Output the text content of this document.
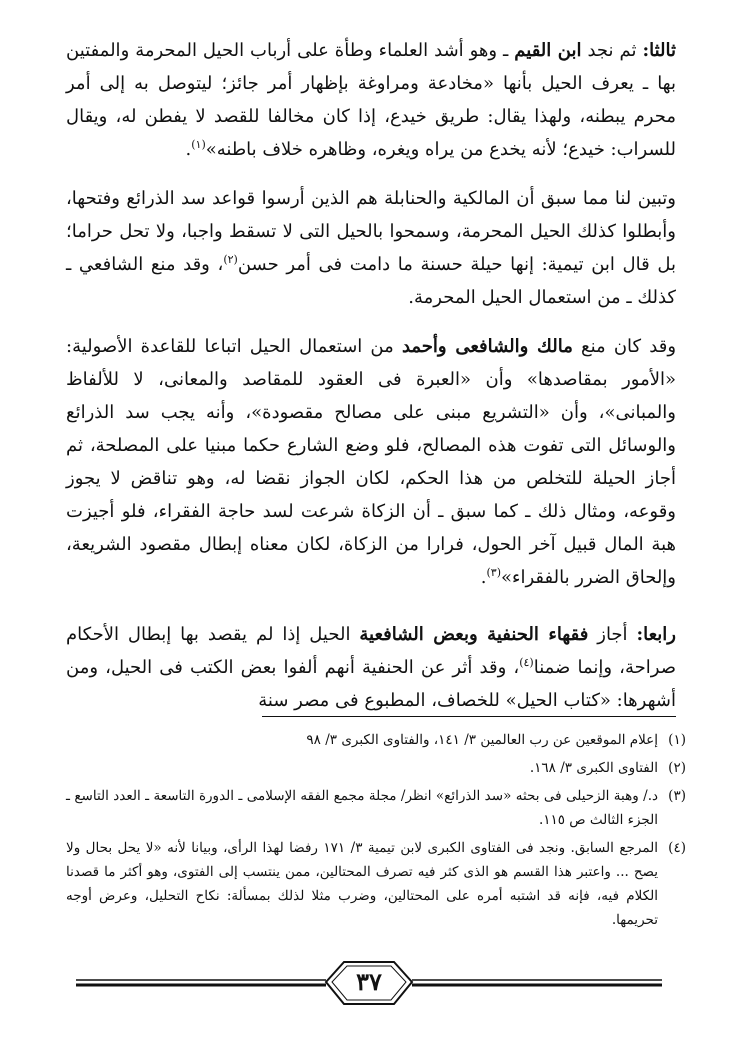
ثالثا: ثم نجد ابن القيم ـ وهو أشد العلماء وطأة على أرباب الحيل المحرمة والمفتين بها ـ يعرف الحيل بأنها «مخادعة ومراوغة بإظهار أمر جائز؛ ليتوصل به إلى أمر محرم يبطنه، ولهذا يقال: طريق خيدع، إذا كان مخالفا للقصد لا يفطن له، ويقال للسراب: خيدع؛ لأنه يخدع من يراه ويغره، وظاهره خلاف باطنه»$^{(١)}$.

وتبين لنا مما سبق أن المالكية والحنابلة هم الذين أرسوا قواعد سد الذرائع وفتحها، وأبطلوا كذلك الحيل المحرمة، وسمحوا بالحيل التى لا تسقط واجبا، ولا تحل حراما؛ بل قال ابن تيمية: إنها حيلة حسنة ما دامت فى أمر حسن$^{(٢)}$، وقد منع الشافعي ـ كذلك ـ من استعمال الحيل المحرمة.

وقد كان منع مالك والشافعى وأحمد من استعمال الحيل اتباعا للقاعدة الأصولية: «الأمور بمقاصدها» وأن «العبرة فى العقود للمقاصد والمعانى، لا للألفاظ والمبانى»، وأن «التشريع مبنى على مصالح مقصودة»، وأنه يجب سد الذرائع والوسائل التى تفوت هذه المصالح، فلو وضع الشارع حكما مبنيا على المصلحة، ثم أجاز الحيلة للتخلص من هذا الحكم، لكان الجواز نقضا له، وهو تناقض لا يجوز وقوعه، ومثال ذلك ـ كما سبق ـ أن الزكاة شرعت لسد حاجة الفقراء، فلو أجيزت هبة المال قبيل آخر الحول، فرارا من الزكاة، لكان معناه إبطال مقصود الشريعة، وإلحاق الضرر بالفقراء»$^{(٣)}$.

رابعا: أجاز فقهاء الحنفية وبعض الشافعية الحيل إذا لم يقصد بها إبطال الأحكام صراحة، وإنما ضمنا$^{(٤)}$، وقد أثر عن الحنفية أنهم ألفوا بعض الكتب فى الحيل، ومن أشهرها: «كتاب الحيل» للخصاف، المطبوع فى مصر سنة

(١)
إعلام الموقعين عن رب العالمين ٣/ ١٤١، والفتاوى الكبرى ٣/ ٩٨
(٢)
الفتاوى الكبرى ٣/ ١٦٨.
(٣)
د./ وهبة الزحيلى فى بحثه «سد الذرائع» انظر/ مجلة مجمع الفقه الإسلامى ـ الدورة التاسعة ـ العدد التاسع ـ الجزء الثالث ص ١١٥.
(٤)
المرجع السابق. ونجد فى الفتاوى الكبرى لابن تيمية ٣/ ١٧١ رفضا لهذا الرأى، وبيانا لأنه «لا يحل بحال ولا يصح ... واعتبر هذا القسم هو الذى كثر فيه تصرف المحتالين، ممن ينتسب إلى الفتوى، وهو أكثر ما قصدنا الكلام فيه، فإنه قد اشتبه أمره على المحتالين، وضرب مثلا لذلك بمسألة: نكاح التحليل، وعرض أوجه تحريمها.
٣٧
